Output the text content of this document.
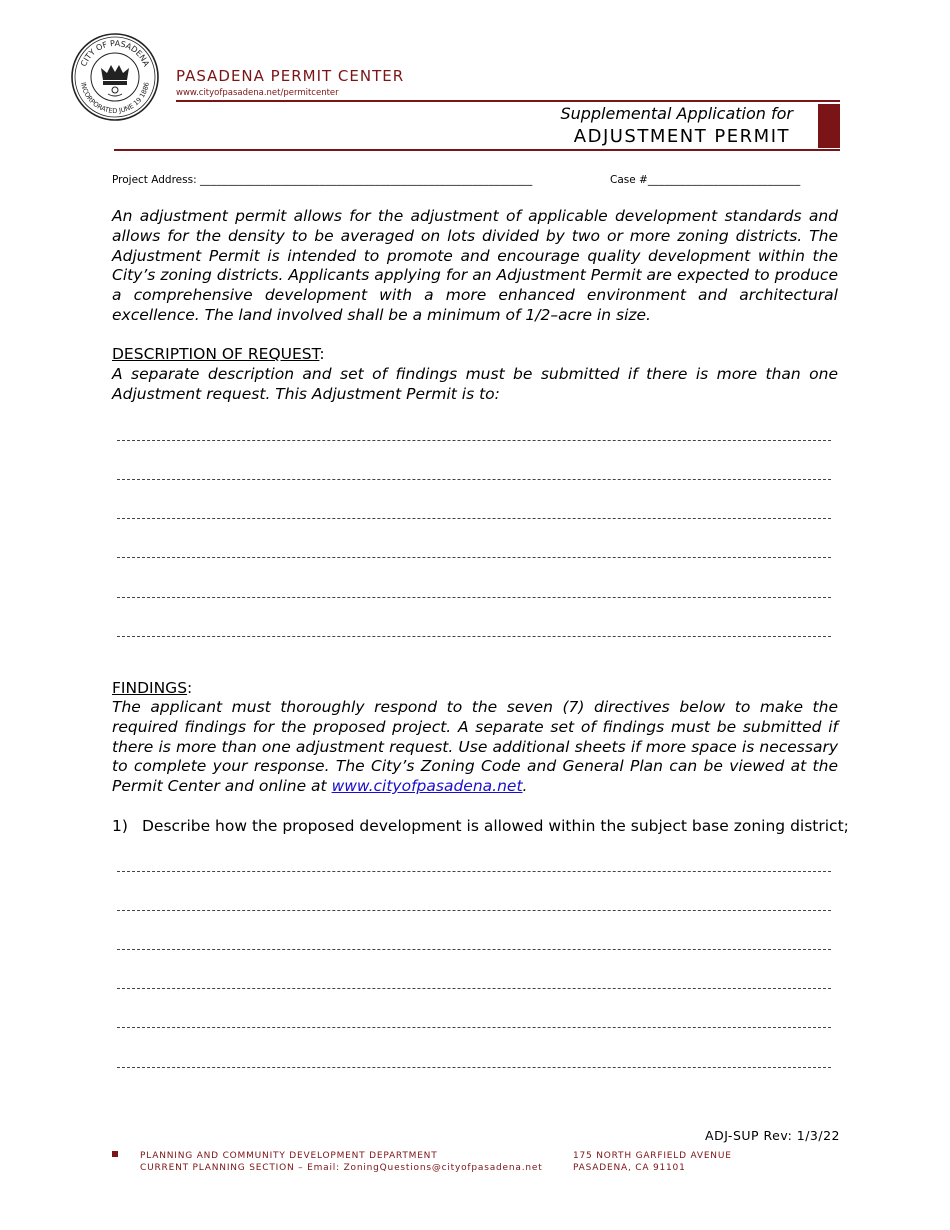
CITY OF PASADENA
INCORPORATED JUNE 19 1886 PASADENA PERMIT CENTER
www.cityofpasadena.net/permitcenter
Supplemental Application for
ADJUSTMENT PERMIT
Project Address: _____________________________________________________________	Case #____________________________
An adjustment permit allows for the adjustment of applicable development standards and allows for the density to be averaged on lots divided by two or more zoning districts. The Adjustment Permit is intended to promote and encourage quality development within the City’s zoning districts. Applicants applying for an Adjustment Permit are expected to produce a comprehensive development with a more enhanced environment and architectural excellence. The land involved shall be a minimum of 1/2–acre in size.
DESCRIPTION OF REQUEST:
A separate description and set of findings must be submitted if there is more than one Adjustment request. This Adjustment Permit is to:
FINDINGS:
The applicant must thoroughly respond to the seven (7) directives below to make the required findings for the proposed project. A separate set of findings must be submitted if there is more than one adjustment request. Use additional sheets if more space is necessary to complete your response. The City’s Zoning Code and General Plan can be viewed at the Permit Center and online at www.cityofpasadena.net.
1) Describe how the proposed development is allowed within the subject base zoning district;
ADJ-SUP Rev: 1/3/22
PLANNING AND COMMUNITY DEVELOPMENT DEPARTMENT
CURRENT PLANNING SECTION – Email: ZoningQuestions@cityofpasadena.net
175 NORTH GARFIELD AVENUE
PASADENA, CA 91101
